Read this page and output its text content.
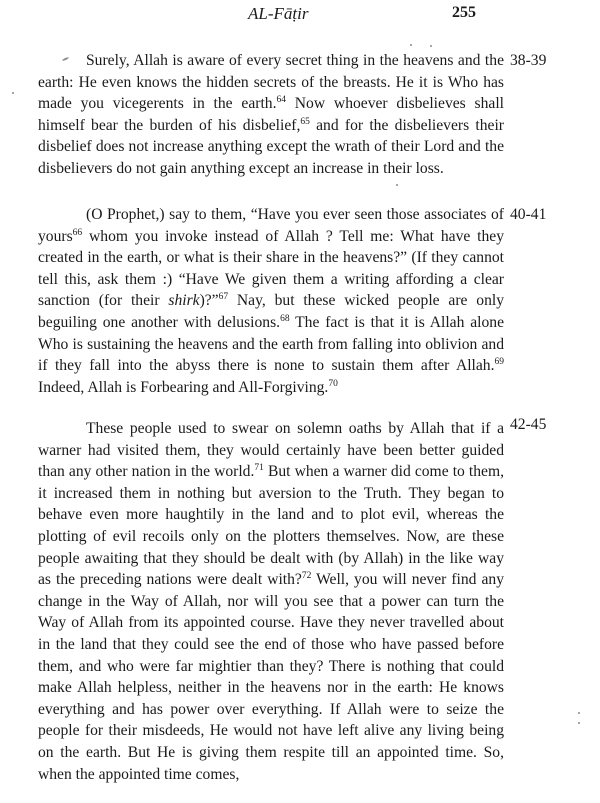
AL-Fāṭir	255

Surely, Allah is aware of every secret thing in the heavens and the earth: He even knows the hidden secrets of the breasts. He it is Who has made you vicegerents in the earth.$^{64}$ Now whoever disbelieves shall himself bear the burden of his disbelief,$^{65}$ and for the disbelievers their disbelief does not increase anything except the wrath of their Lord and the disbelievers do not gain anything except an increase in their loss.

38-39

(O Prophet,) say to them, “Have you ever seen those associates of yours$^{66}$ whom you invoke instead of Allah ? Tell me: What have they created in the earth, or what is their share in the heavens?” (If they cannot tell this, ask them :) “Have We given them a writing affording a clear sanction (for their shirk)?”$^{67}$ Nay, but these wicked people are only beguiling one another with delusions.$^{68}$ The fact is that it is Allah alone Who is sustaining the heavens and the earth from falling into oblivion and if they fall into the abyss there is none to sustain them after Allah.$^{69}$ Indeed, Allah is Forbearing and All-Forgiving.$^{70}$

40-41

These people used to swear on solemn oaths by Allah that if a warner had visited them, they would certainly have been better guided than any other nation in the world.$^{71}$ But when a warner did come to them, it increased them in nothing but aversion to the Truth. They began to behave even more haughtily in the land and to plot evil, whereas the plotting of evil recoils only on the plotters themselves. Now, are these people awaiting that they should be dealt with (by Allah) in the like way as the preceding nations were dealt with?$^{72}$ Well, you will never find any change in the Way of Allah, nor will you see that a power can turn the Way of Allah from its appointed course. Have they never travelled about in the land that they could see the end of those who have passed before them, and who were far mightier than they? There is nothing that could make Allah helpless, neither in the heavens nor in the earth: He knows everything and has power over everything. If Allah were to seize the people for their misdeeds, He would not have left alive any living being on the earth. But He is giving them respite till an appointed time. So, when the appointed time comes,

42-45
